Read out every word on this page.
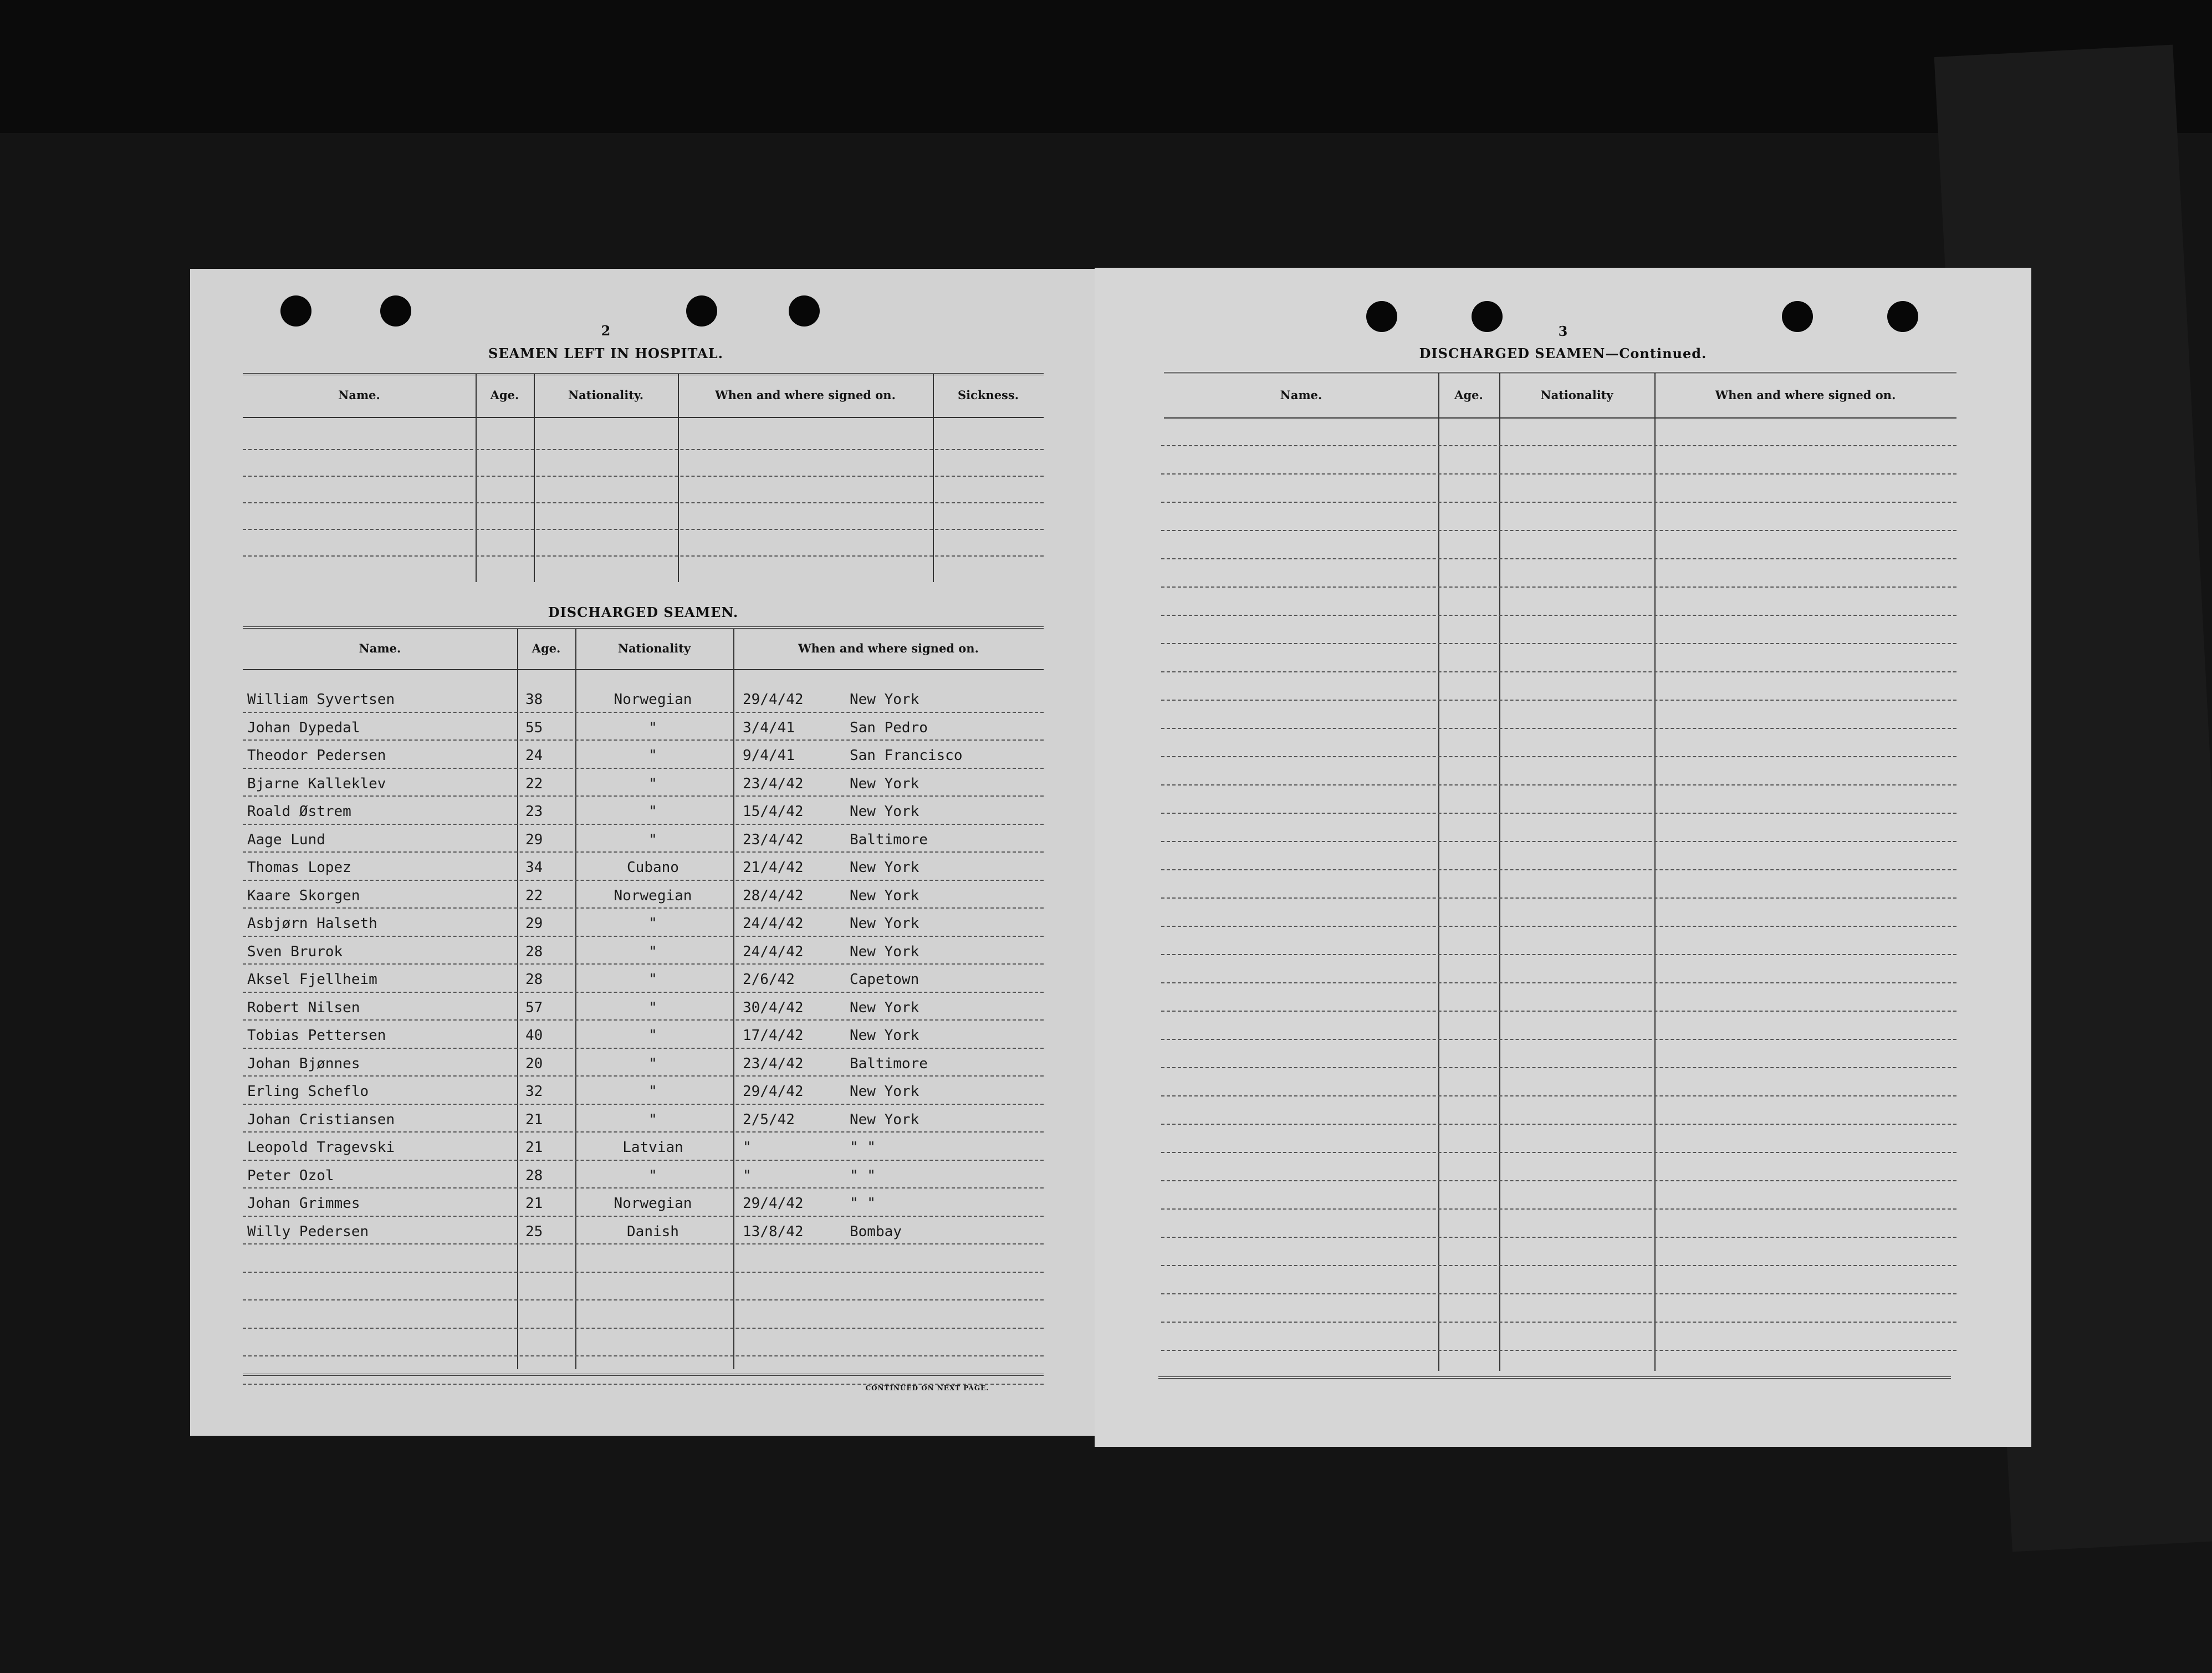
2
SEAMEN LEFT IN HOSPITAL.
Name.	Age.	Nationality.	When and where signed on.	Sickness.
DISCHARGED SEAMEN.
Name.	Age.	Nationality	When and where signed on.
William Syvertsen	38	Norwegian	29/4/42	New York
Johan Dypedal	55	"	3/4/41	San Pedro
Theodor Pedersen	24	"	9/4/41	San Francisco
Bjarne Kalleklev	22	"	23/4/42	New York
Roald Østrem	23	"	15/4/42	New York
Aage Lund	29	"	23/4/42	Baltimore
Thomas Lopez	34	Cubano	21/4/42	New York
Kaare Skorgen	22	Norwegian	28/4/42	New York
Asbjørn Halseth	29	"	24/4/42	New York
Sven Brurok	28	"	24/4/42	New York
Aksel Fjellheim	28	"	2/6/42	Capetown
Robert Nilsen	57	"	30/4/42	New York
Tobias Pettersen	40	"	17/4/42	New York
Johan Bjønnes	20	"	23/4/42	Baltimore
Erling Scheflo	32	"	29/4/42	New York
Johan Cristiansen	21	"	2/5/42	New York
Leopold Tragevski	21	Latvian	"	" "
Peter Ozol	28	"	"	" "
Johan Grimmes	21	Norwegian	29/4/42	" "
Willy Pedersen	25	Danish	13/8/42	Bombay
CONTINUED ON NEXT PAGE.
3
DISCHARGED SEAMEN—Continued.
Name.	Age.	Nationality	When and where signed on.
